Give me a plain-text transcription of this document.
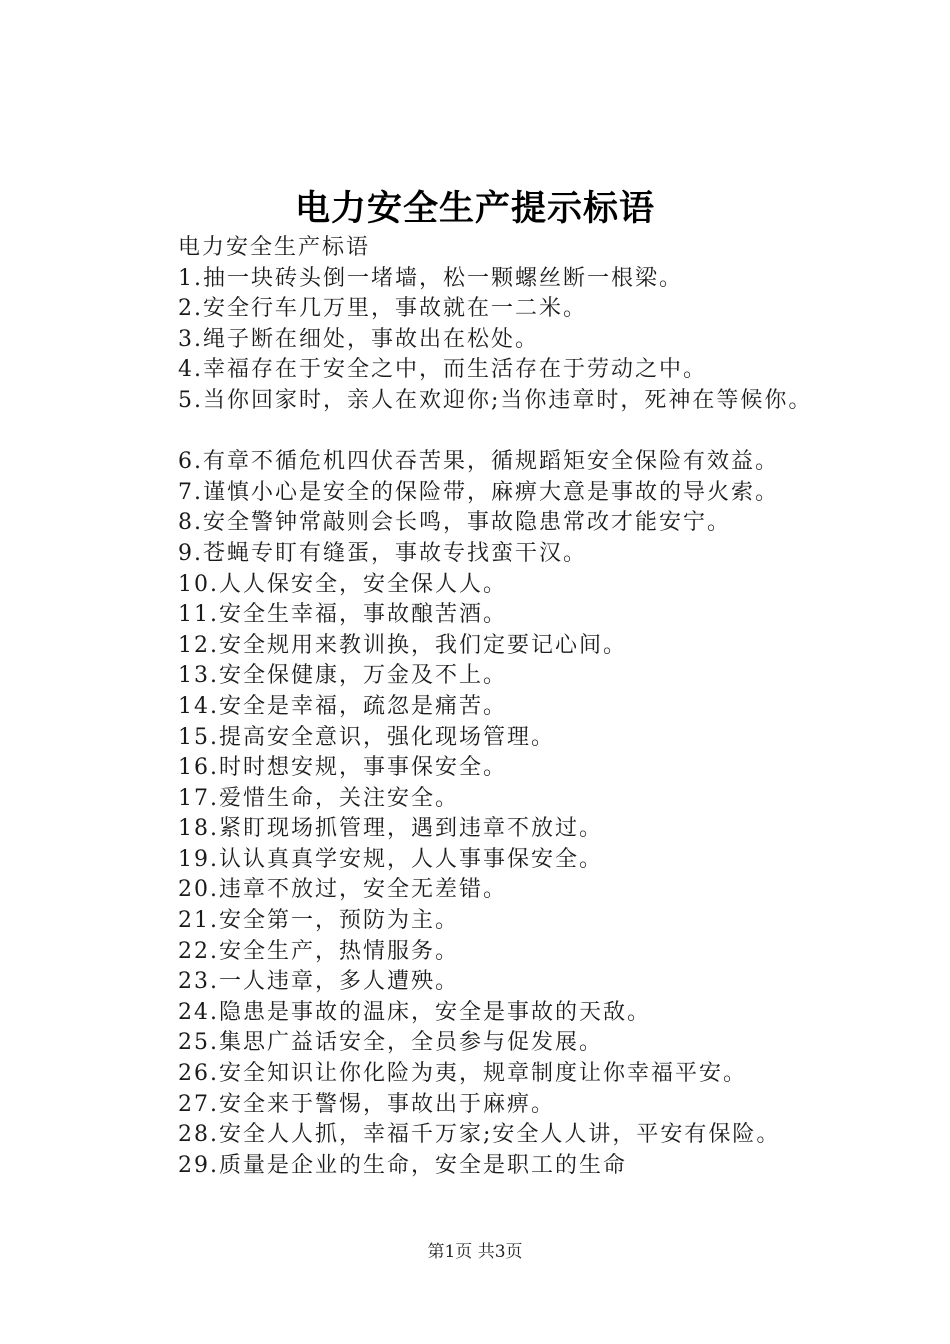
电力安全生产提示标语
电力安全生产标语
1.抽一块砖头倒一堵墙，松一颗螺丝断一根梁。
2.安全行车几万里，事故就在一二米。
3.绳子断在细处，事故出在松处。
4.幸福存在于安全之中，而生活存在于劳动之中。
5.当你回家时，亲人在欢迎你;当你违章时，死神在等候你。
6.有章不循危机四伏吞苦果，循规蹈矩安全保险有效益。
7.谨慎小心是安全的保险带，麻痹大意是事故的导火索。
8.安全警钟常敲则会长鸣，事故隐患常改才能安宁。
9.苍蝇专盯有缝蛋，事故专找蛮干汉。
10.人人保安全，安全保人人。
11.安全生幸福，事故酿苦酒。
12.安全规用来教训换，我们定要记心间。
13.安全保健康，万金及不上。
14.安全是幸福，疏忽是痛苦。
15.提高安全意识，强化现场管理。
16.时时想安规，事事保安全。
17.爱惜生命，关注安全。
18.紧盯现场抓管理，遇到违章不放过。
19.认认真真学安规，人人事事保安全。
20.违章不放过，安全无差错。
21.安全第一，预防为主。
22.安全生产，热情服务。
23.一人违章，多人遭殃。
24.隐患是事故的温床，安全是事故的天敌。
25.集思广益话安全，全员参与促发展。
26.安全知识让你化险为夷，规章制度让你幸福平安。
27.安全来于警惕，事故出于麻痹。
28.安全人人抓，幸福千万家;安全人人讲，平安有保险。
29.质量是企业的生命，安全是职工的生命
第1页 共3页
